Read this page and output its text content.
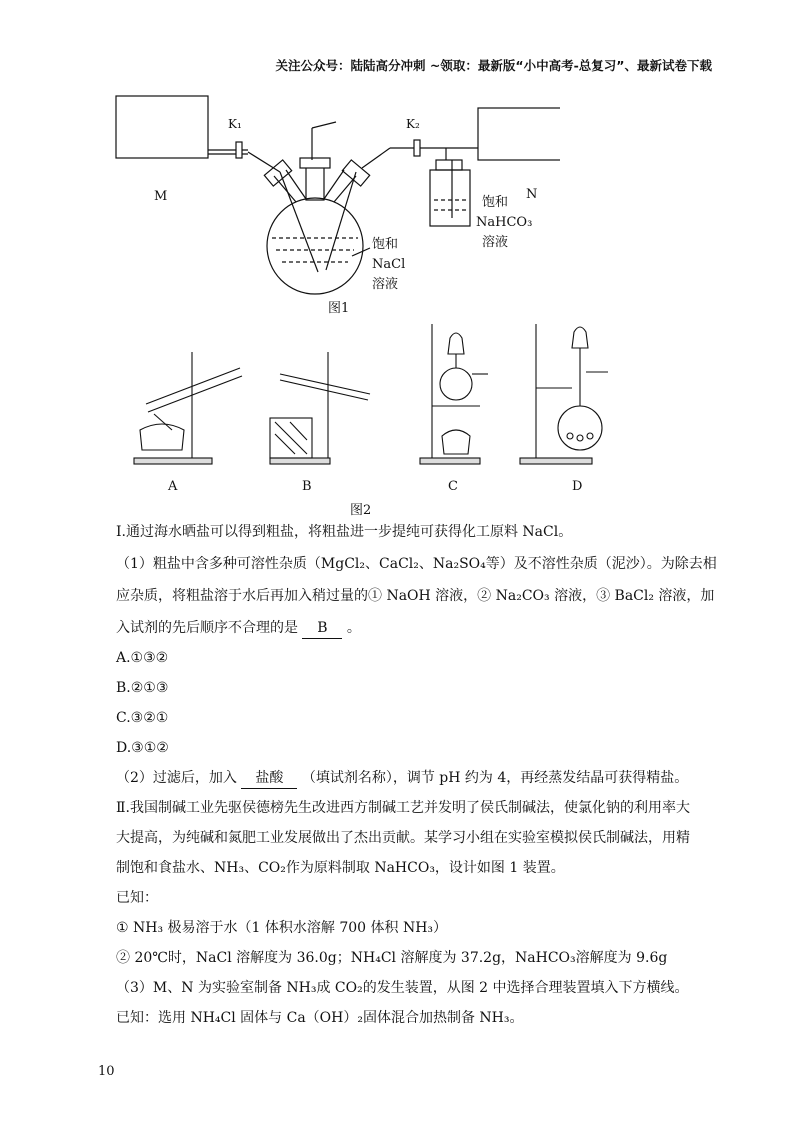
关注公众号：陆陆高分冲刺 ~领取：最新版“小中高考-总复习”、最新试卷下载
M	N
K₁	K₂
饱和
NaCl
溶液
饱和
NaHCO₃
溶液
图1
A	B	C	D
图2
Ⅰ.通过海水晒盐可以得到粗盐，将粗盐进一步提纯可获得化工原料 NaCl。
（1）粗盐中含多种可溶性杂质（MgCl₂、CaCl₂、Na₂SO₄等）及不溶性杂质（泥沙）。为除去相
应杂质，将粗盐溶于水后再加入稍过量的① NaOH 溶液，② Na₂CO₃ 溶液，③ BaCl₂ 溶液，加
入试剂的先后顺序不合理的是 B 。
A.①③②
B.②①③
C.③②①
D.③①②
（2）过滤后，加入 盐酸 （填试剂名称），调节 pH 约为 4，再经蒸发结晶可获得精盐。
Ⅱ.我国制碱工业先驱侯德榜先生改进西方制碱工艺并发明了侯氏制碱法，使氯化钠的利用率大
大提高，为纯碱和氮肥工业发展做出了杰出贡献。某学习小组在实验室模拟侯氏制碱法，用精
制饱和食盐水、NH₃、CO₂作为原料制取 NaHCO₃，设计如图 1 装置。
已知：
① NH₃ 极易溶于水（1 体积水溶解 700 体积 NH₃）
② 20℃时，NaCl 溶解度为 36.0g；NH₄Cl 溶解度为 37.2g，NaHCO₃溶解度为 9.6g
（3）M、N 为实验室制备 NH₃成 CO₂的发生装置，从图 2 中选择合理装置填入下方横线。
已知：选用 NH₄Cl 固体与 Ca（OH）₂固体混合加热制备 NH₃。
10
